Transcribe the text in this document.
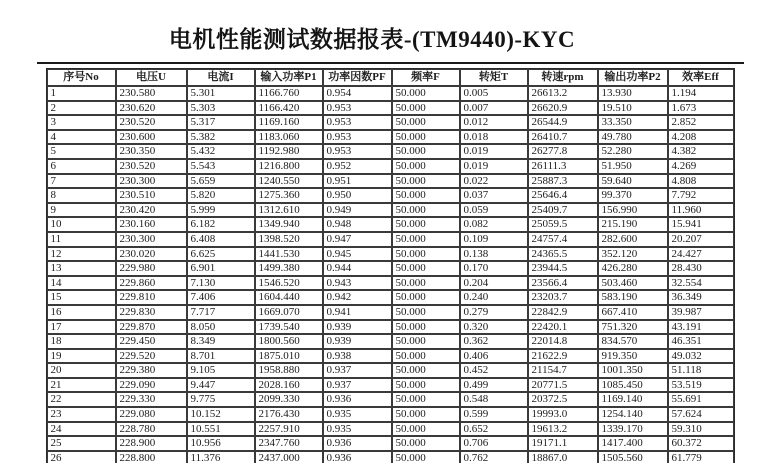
电机性能测试数据报表-(TM9440)-KYC
序号No	电压U	电流I	输入功率P1	功率因数PF	频率F	转矩T	转速rpm	输出功率P2	效率Eff
1	230.580	5.301	1166.760	0.954	50.000	0.005	26613.2	13.930	1.194
2	230.620	5.303	1166.420	0.953	50.000	0.007	26620.9	19.510	1.673
3	230.520	5.317	1169.160	0.953	50.000	0.012	26544.9	33.350	2.852
4	230.600	5.382	1183.060	0.953	50.000	0.018	26410.7	49.780	4.208
5	230.350	5.432	1192.980	0.953	50.000	0.019	26277.8	52.280	4.382
6	230.520	5.543	1216.800	0.952	50.000	0.019	26111.3	51.950	4.269
7	230.300	5.659	1240.550	0.951	50.000	0.022	25887.3	59.640	4.808
8	230.510	5.820	1275.360	0.950	50.000	0.037	25646.4	99.370	7.792
9	230.420	5.999	1312.610	0.949	50.000	0.059	25409.7	156.990	11.960
10	230.160	6.182	1349.940	0.948	50.000	0.082	25059.5	215.190	15.941
11	230.300	6.408	1398.520	0.947	50.000	0.109	24757.4	282.600	20.207
12	230.020	6.625	1441.530	0.945	50.000	0.138	24365.5	352.120	24.427
13	229.980	6.901	1499.380	0.944	50.000	0.170	23944.5	426.280	28.430
14	229.860	7.130	1546.520	0.943	50.000	0.204	23566.4	503.460	32.554
15	229.810	7.406	1604.440	0.942	50.000	0.240	23203.7	583.190	36.349
16	229.830	7.717	1669.070	0.941	50.000	0.279	22842.9	667.410	39.987
17	229.870	8.050	1739.540	0.939	50.000	0.320	22420.1	751.320	43.191
18	229.450	8.349	1800.560	0.939	50.000	0.362	22014.8	834.570	46.351
19	229.520	8.701	1875.010	0.938	50.000	0.406	21622.9	919.350	49.032
20	229.380	9.105	1958.880	0.937	50.000	0.452	21154.7	1001.350	51.118
21	229.090	9.447	2028.160	0.937	50.000	0.499	20771.5	1085.450	53.519
22	229.330	9.775	2099.330	0.936	50.000	0.548	20372.5	1169.140	55.691
23	229.080	10.152	2176.430	0.935	50.000	0.599	19993.0	1254.140	57.624
24	228.780	10.551	2257.910	0.935	50.000	0.652	19613.2	1339.170	59.310
25	228.900	10.956	2347.760	0.936	50.000	0.706	19171.1	1417.400	60.372
26	228.800	11.376	2437.000	0.936	50.000	0.762	18867.0	1505.560	61.779
